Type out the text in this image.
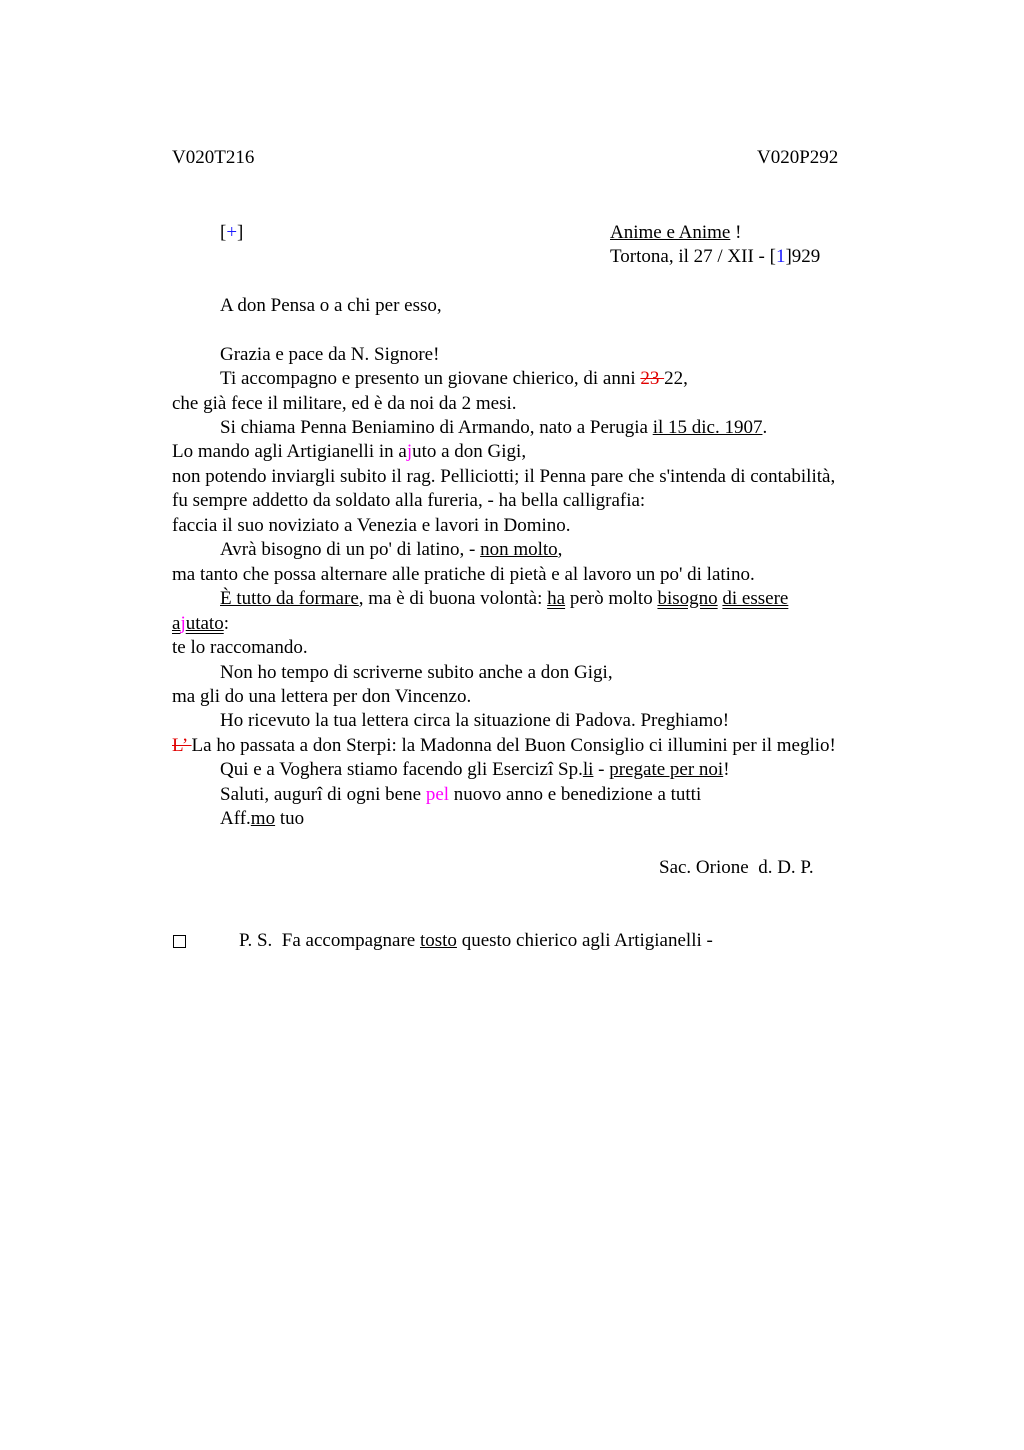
V020T216	V020P292
[+]	Anime e Anime !
Tortona, il 27 / XII - [1]929
A don Pensa o a chi per esso,
Grazia e pace da N. Signore!
Ti accompagno e presento un giovane chierico, di anni 23 22,
che già fece il militare, ed è da noi da 2 mesi.
Si chiama Penna Beniamino di Armando, nato a Perugia il 15 dic. 1907.
Lo mando agli Artigianelli in ajuto a don Gigi,
non potendo inviargli subito il rag. Pelliciotti; il Penna pare che s'intenda di contabilità,
fu sempre addetto da soldato alla fureria, - ha bella calligrafia:
faccia il suo noviziato a Venezia e lavori in Domino.
Avrà bisogno di un po' di latino, - non molto,
ma tanto che possa alternare alle pratiche di pietà e al lavoro un po' di latino.
È tutto da formare, ma è di buona volontà: ha però molto bisogno di essere
ajutato:
te lo raccomando.
Non ho tempo di scriverne subito anche a don Gigi,
ma gli do una lettera per don Vincenzo.
Ho ricevuto la tua lettera circa la situazione di Padova. Preghiamo!
L’ La ho passata a don Sterpi: la Madonna del Buon Consiglio ci illumini per il meglio!
Qui e a Voghera stiamo facendo gli Esercizî Sp.li - pregate per noi!
Saluti, augurî di ogni bene pel nuovo anno e benedizione a tutti
Aff.mo tuo
Sac. Orione  d. D. P.

P. S.  Fa accompagnare tosto questo chierico agli Artigianelli -
